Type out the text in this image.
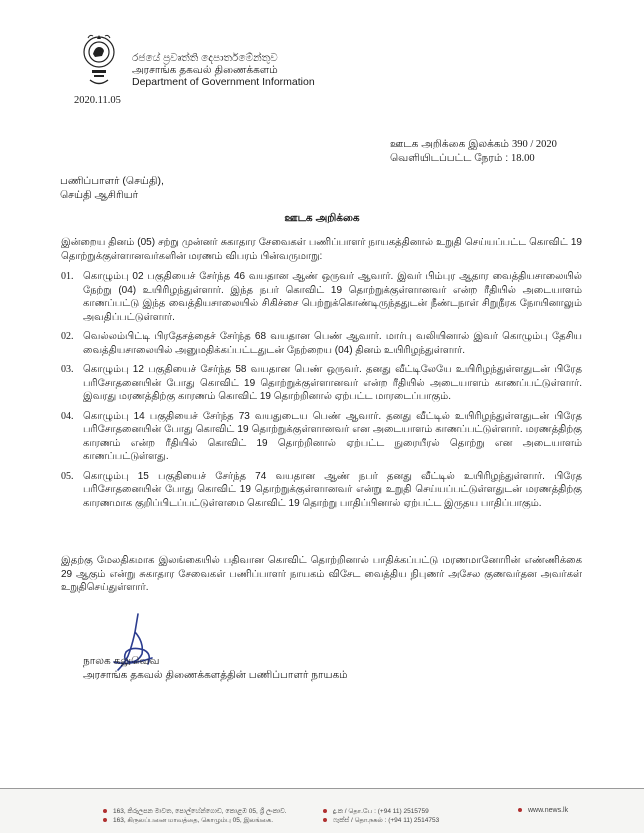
රජයේ ප්‍රවෘත්ති දෙපාර්තමේන්තුව
அரசாங்க தகவல் திணைக்களம்
Department of Government Information
2020.11.05
ஊடக அறிக்கை இலக்கம் 390 / 2020
வெளியிடப்பட்ட நேரம் : 18.00
பணிப்பாளர் (செய்தி),
செய்தி ஆசிரியர்
ஊடக அறிக்கை
இன்றைய தினம் (05) சற்று முன்னர் சுகாதார சேவைகள் பணிப்பாளர் நாயகத்தினால் உறுதி செய்யப்பட்ட கொவிட் 19 தொற்றுக்குள்ளானவர்களின் மரணம் விபரம் பின்வருமாறு:
01. கொழும்பு 02 பகுதியைச் சேர்ந்த 46 வயதான ஆண் ஒருவர் ஆவார். இவர் பிம்புர ஆதார வைத்தியசாலையில் நேற்று (04) உயிரிழந்துள்ளார். இந்த நபர் கொவிட் 19 தொற்றுக்குள்ளானவர் என்ற ரீதியில் அடையாளம் காணப்பட்டு இந்த வைத்தியசாலையில் சிகிச்சை பெற்றுக்கொண்டிருந்ததுடன் நீண்டநாள் சிறுநீரக நோயினாலும் அவதிப்பட்டுள்ளார்.
02. வெல்லம்பிட்டி பிரதேசத்தைச் சேர்ந்த 68 வயதான பெண் ஆவார். மார்பு வலியினால் இவர் கொழும்பு தேசிய வைத்தியசாலையில் அனுமதிக்கப்பட்டதுடன் நேற்றைய (04) தினம் உயிரிழந்துள்ளார்.
03. கொழும்பு 12 பகுதியைச் சேர்ந்த 58 வயதான பெண் ஒருவர். தனது வீட்டிலேயே உயிரிழந்துள்ளதுடன் பிரேத பரிசோதனையின் போது கொவிட் 19 தொற்றுக்குள்ளானவர் என்ற ரீதியில் அடையாளம் காணப்பட்டுள்ளார். இவரது மரணத்திற்கு காரணம் கொவிட் 19 தொற்றினால் ஏற்பட்ட மாரடைப்பாகும்.
04. கொழும்பு 14 பகுதியைச் சேர்ந்த 73 வயதுடைய பெண் ஆவார். தனது வீட்டில் உயிரிழந்துள்ளதுடன் பிரேத பரிசோதனையின் போது கொவிட் 19 தொற்றுக்குள்ளானவர் என அடையாளம் காணப்பட்டுள்ளார். மரணத்திற்கு காரணம் என்ற ரீதியில் கொவிட் 19 தொற்றினால் ஏற்பட்ட நுரையீரல் தொற்று என அடையாளம் காணப்பட்டுள்ளது.
05. கொழும்பு 15 பகுதியைச் சேர்ந்த 74 வயதான ஆண் நபர் தனது வீட்டில் உயிரிழந்துள்ளார். பிரேத பரிசோதனையின் போது கொவிட் 19 தொற்றுக்குள்ளானவர் என்று உறுதி செய்யப்பட்டுள்ளதுடன் மரணத்திற்கு காரணமாக குறிப்பிடப்பட்டுள்ளமை கொவிட் 19 தொற்று பாதிப்பினால் ஏற்பட்ட இருதய பாதிப்பாகும்.
இதற்கு மேலதிகமாக இலங்கையில் பதிவான கொவிட் தொற்றினால் பாதிக்கப்பட்டு மரணமானோரின் எண்ணிக்கை 29 ஆகும் என்று சுகாதார சேவைகள் பணிப்பாளர் நாயகம் விசேட வைத்திய நிபுணர் அசேல குணவர்தன அவர்கள் உறுதிசெய்துள்ளார்.
நாலக கலுவெவ
அரசாங்க தகவல் திணைக்களத்தின் பணிப்பாளர் நாயகம்
163, කිරුලපන මාවත, පොල්හේන්ගොඩ, කොළඹ 05, ශ්‍රී ලංකාව.
163, கிருலப்பனை மாவத்தை, கொழும்பு 05, இலங்கை.
දු.ක / தொ.பே : (+94 11) 2515759
ෆැක්ස් / தொ.நகல் : (+94 11) 2514753
www.news.lk
